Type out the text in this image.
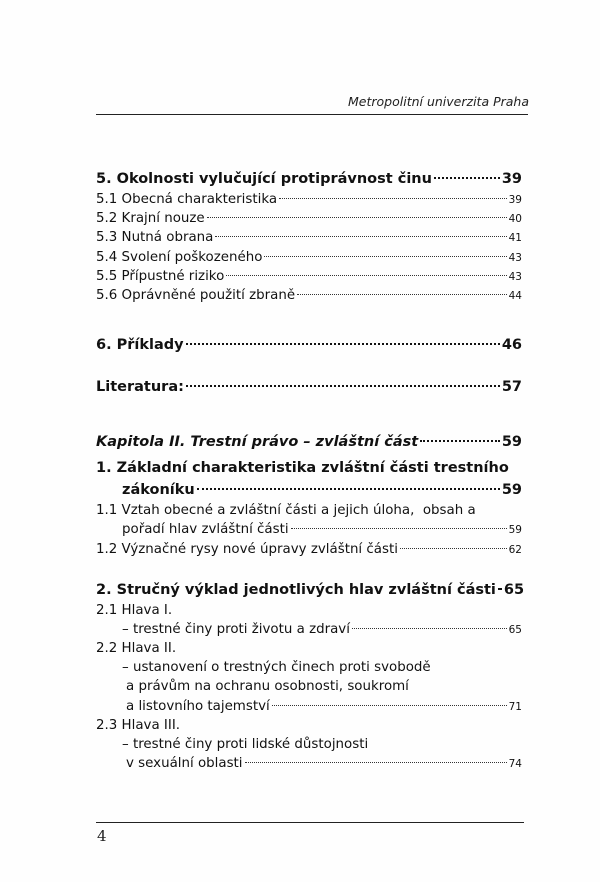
Metropolitní univerzita Praha
5. Okolnosti vylučující protiprávnost činu	39
5.1 Obecná charakteristika	39
5.2 Krajní nouze	40
5.3 Nutná obrana	41
5.4 Svolení poškozeného	43
5.5 Přípustné riziko	43
5.6 Oprávněné použití zbraně	44
6. Příklady	46
Literatura:	57
Kapitola II. Trestní právo – zvláštní část	59
1. Základní charakteristika zvláštní části trestního
zákoníku	59
1.1 Vztah obecné a zvláštní části a jejich úloha,  obsah a
pořadí hlav zvláštní části	59
1.2 Význačné rysy nové úpravy zvláštní části	62
2. Stručný výklad jednotlivých hlav zvláštní části 65
2.1 Hlava I.
– trestné činy proti životu a zdraví	65
2.2 Hlava II.
– ustanovení o trestných činech proti svobodě
a právům na ochranu osobnosti, soukromí
a listovního tajemství	71
2.3 Hlava III.
– trestné činy proti lidské důstojnosti
v sexuální oblasti	74
4
